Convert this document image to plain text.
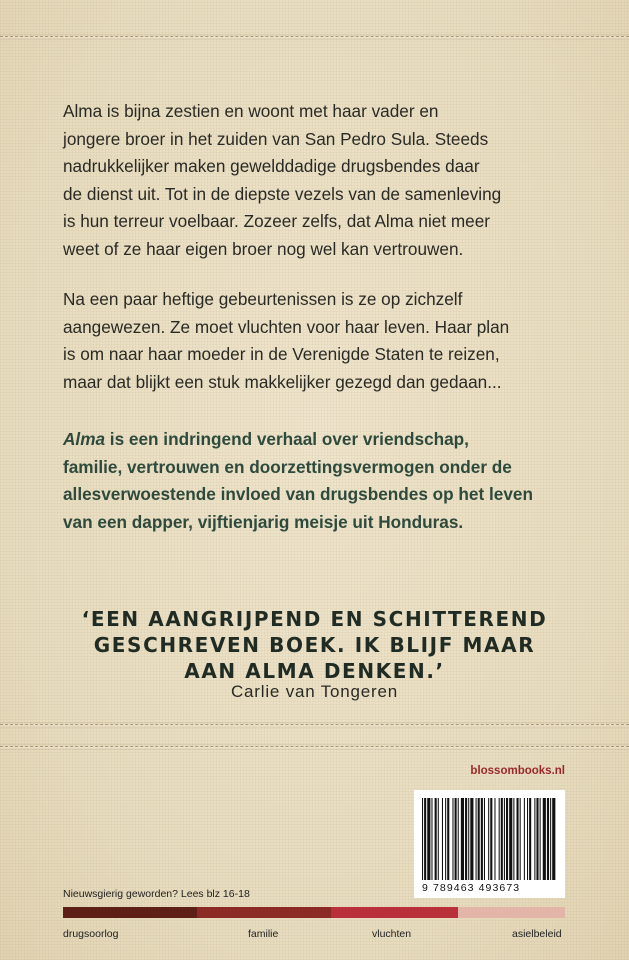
Alma is bijna zestien en woont met haar vader en
jongere broer in het zuiden van San Pedro Sula. Steeds
nadrukkelijker maken gewelddadige drugsbendes daar
de dienst uit. Tot in de diepste vezels van de samenleving
is hun terreur voelbaar. Zozeer zelfs, dat Alma niet meer
weet of ze haar eigen broer nog wel kan vertrouwen.

Na een paar heftige gebeurtenissen is ze op zichzelf
aangewezen. Ze moet vluchten voor haar leven. Haar plan
is om naar haar moeder in de Verenigde Staten te reizen,
maar dat blijkt een stuk makkelijker gezegd dan gedaan...

Alma is een indringend verhaal over vriendschap,
familie, vertrouwen en doorzettingsvermogen onder de
allesverwoestende invloed van drugsbendes op het leven
van een dapper, vijftienjarig meisje uit Honduras.

‘EEN AANGRIJPEND EN SCHITTEREND
GESCHREVEN BOEK. IK BLIJF MAAR
AAN ALMA DENKEN.’

Carlie van Tongeren
blossombooks.nl
9 789463 493673
Nieuwsgierig geworden? Lees blz 16-18
drugsoorlog	familie	vluchten	asielbeleid
